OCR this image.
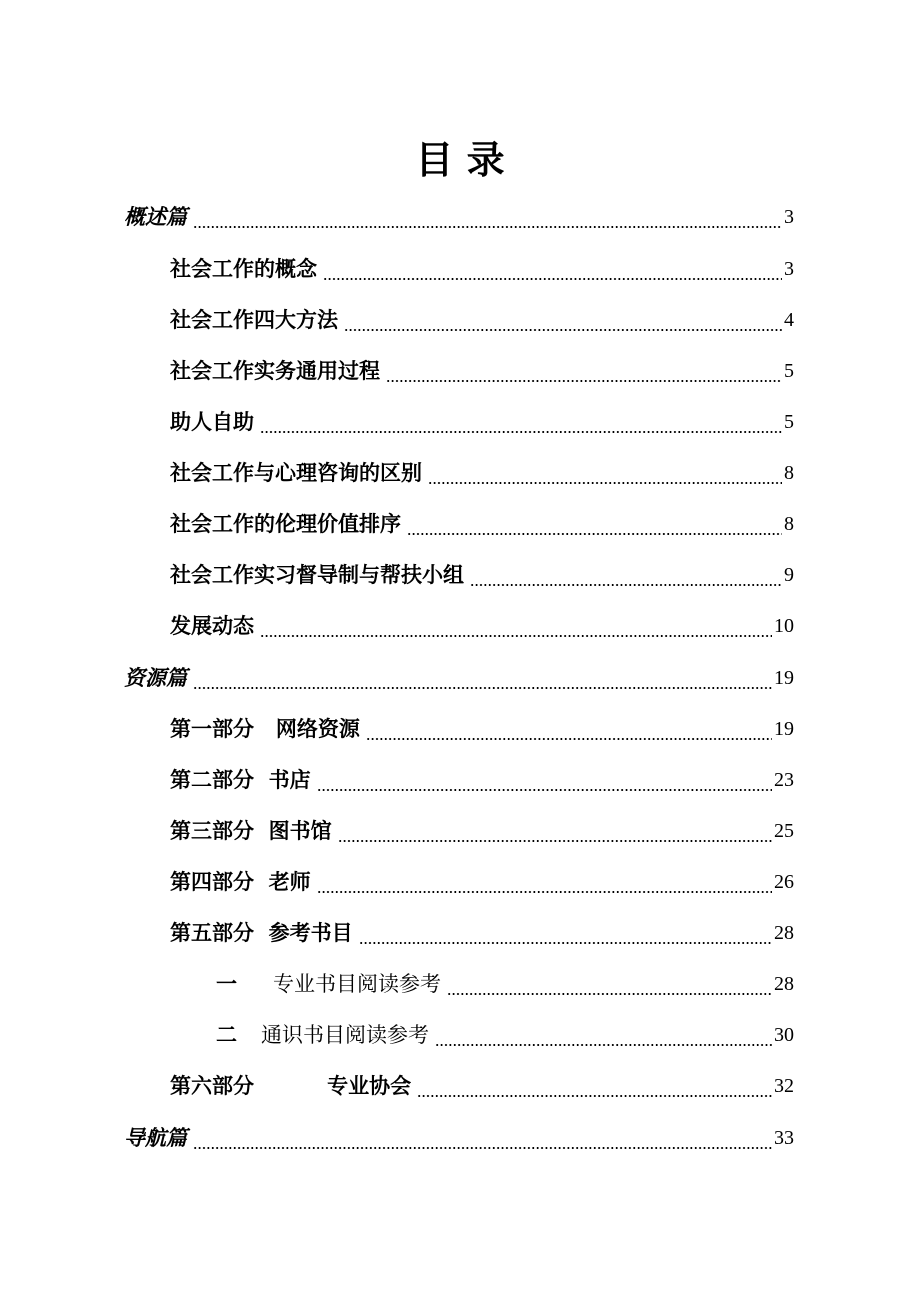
目 录
概述篇	3
社会工作的概念	3
社会工作四大方法	4
社会工作实务通用过程	5
助人自助	5
社会工作与心理咨询的区别	8
社会工作的伦理价值排序	8
社会工作实习督导制与帮扶小组	9
发展动态	10
资源篇	19
第一部分   网络资源	19
第二部分  书店	23
第三部分  图书馆	25
第四部分  老师	26
第五部分  参考书目	28
一 专业书目阅读参考	28
二 通识书目阅读参考	30
第六部分          专业协会	32
导航篇	33
